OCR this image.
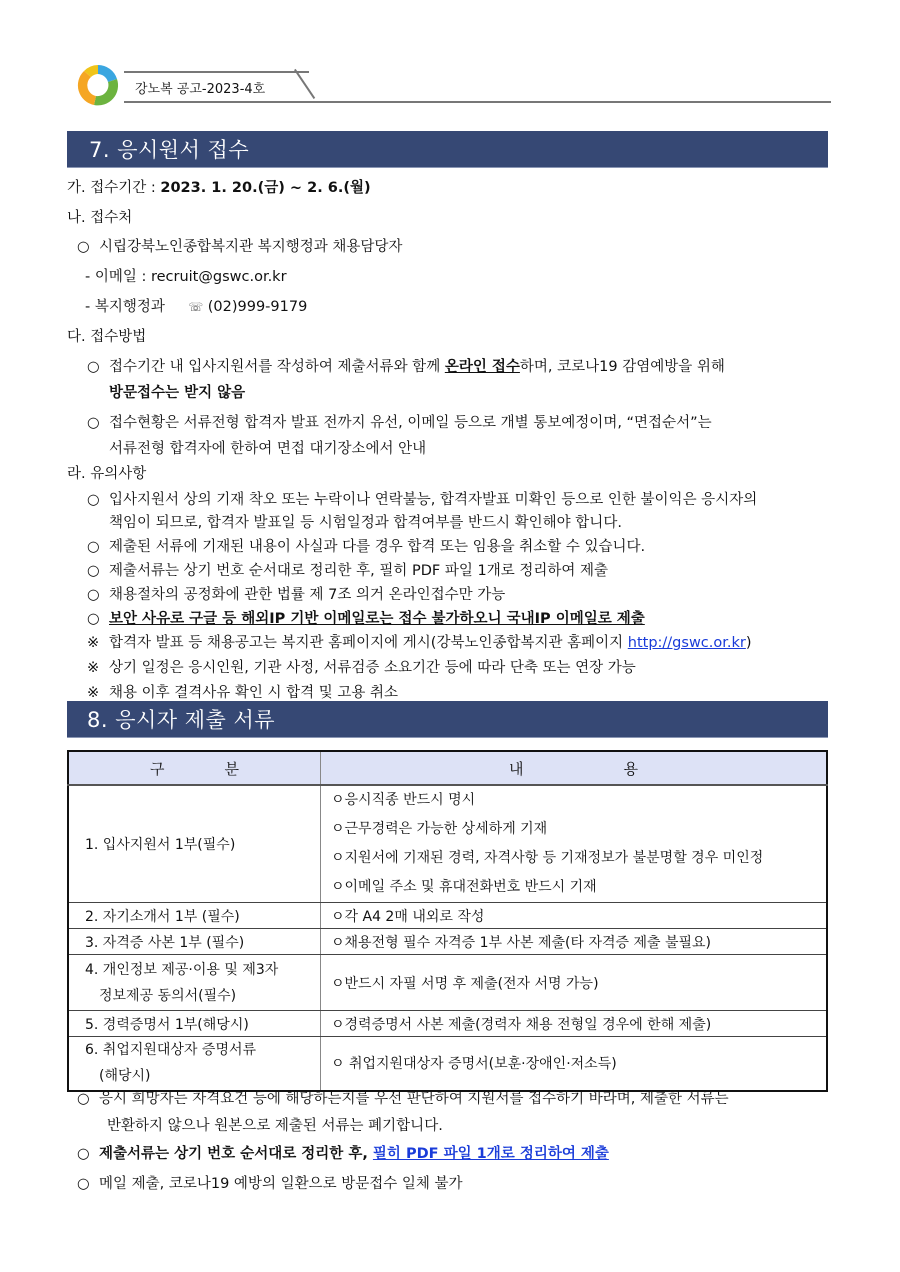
강노복 공고-2023-4호
7. 응시원서 접수
가. 접수기간 : 2023. 1. 20.(금) ~ 2. 6.(월)
나. 접수처
○ 시립강북노인종합복지관 복지행정과 채용담당자
- 이메일 : recruit@gswc.or.kr
- 복지행정과 ☏ (02)999-9179
다. 접수방법
○ 접수기간 내 입사지원서를 작성하여 제출서류와 함께 온라인 접수하며, 코로나19 감염예방을 위해
방문접수는 받지 않음
○ 접수현황은 서류전형 합격자 발표 전까지 유선, 이메일 등으로 개별 통보예정이며, “면접순서”는
서류전형 합격자에 한하여 면접 대기장소에서 안내
라. 유의사항
○ 입사지원서 상의 기재 착오 또는 누락이나 연락불능, 합격자발표 미확인 등으로 인한 불이익은 응시자의
책임이 되므로, 합격자 발표일 등 시험일정과 합격여부를 반드시 확인해야 합니다.
○ 제출된 서류에 기재된 내용이 사실과 다를 경우 합격 또는 임용을 취소할 수 있습니다.
○ 제출서류는 상기 번호 순서대로 정리한 후, 필히 PDF 파일 1개로 정리하여 제출
○ 채용절차의 공정화에 관한 법률 제 7조 의거 온라인접수만 가능
○ 보안 사유로 구글 등 해외IP 기반 이메일로는 접수 불가하오니 국내IP 이메일로 제출
※ 합격자 발표 등 채용공고는 복지관 홈페이지에 게시(강북노인종합복지관 홈페이지 http://gswc.or.kr)
※ 상기 일정은 응시인원, 기관 사정, 서류검증 소요기간 등에 따라 단축 또는 연장 가능
※ 채용 이후 결격사유 확인 시 합격 및 고용 취소
8. 응시자 제출 서류
구 분	내 용
1. 입사지원서 1부(필수)	ㅇ응시직종 반드시 명시
ㅇ근무경력은 가능한 상세하게 기재
ㅇ지원서에 기재된 경력, 자격사항 등 기재정보가 불분명할 경우 미인정
ㅇ이메일 주소 및 휴대전화번호 반드시 기재

2. 자기소개서 1부 (필수)	ㅇ각 A4 2매 내외로 작성
3. 자격증 사본 1부 (필수)	ㅇ채용전형 필수 자격증 1부 사본 제출(타 자격증 제출 불필요)

4. 개인정보 제공·이용 및 제3자
정보제공 동의서(필수)	ㅇ반드시 자필 서명 후 제출(전자 서명 가능)
5. 경력증명서 1부(해당시)	ㅇ경력증명서 사본 제출(경력자 채용 전형일 경우에 한해 제출)

6. 취업지원대상자 증명서류
(해당시)	ㅇ 취업지원대상자 증명서(보훈·장애인·저소득)
○ 응시 희망자는 자격요건 등에 해당하는지를 우선 판단하여 지원서를 접수하기 바라며, 제출한 서류는
반환하지 않으나 원본으로 제출된 서류는 폐기합니다.
○ 제출서류는 상기 번호 순서대로 정리한 후, 필히 PDF 파일 1개로 정리하여 제출
○ 메일 제출, 코로나19 예방의 일환으로 방문접수 일체 불가
